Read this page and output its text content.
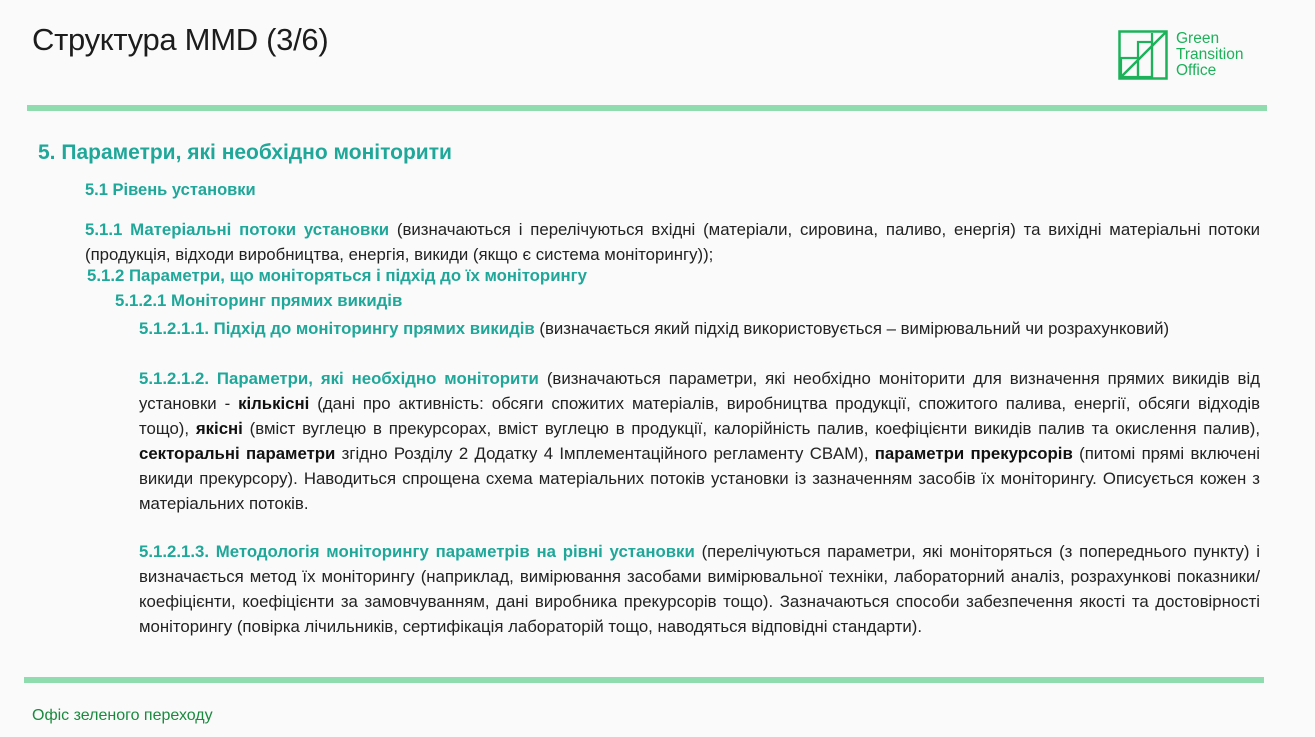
Структура MMD (3/6)	Green
Transition
Office
5. Параметри, які необхідно моніторити
5.1 Рівень установки
5.1.1 Матеріальні потоки установки (визначаються і перелічуються вхідні (матеріали, сировина, паливо, енергія) та вихідні матеріальні потоки (продукція, відходи виробництва, енергія, викиди (якщо є система моніторингу));
5.1.2 Параметри, що моніторяться і підхід до їх моніторингу
5.1.2.1 Моніторинг прямих викидів
5.1.2.1.1. Підхід до моніторингу прямих викидів (визначається який підхід використовується – вимірювальний чи розрахунковий)
5.1.2.1.2. Параметри, які необхідно моніторити (визначаються параметри, які необхідно моніторити для визначення прямих викидів від установки - кількісні (дані про активність: обсяги спожитих матеріалів, виробництва продукції, спожитого палива, енергії, обсяги відходів тощо), якісні (вміст вуглецю в прекурсорах, вміст вуглецю в продукції, калорійність палив, коефіцієнти викидів палив та окислення палив), секторальні параметри згідно Розділу 2 Додатку 4 Імплементаційного регламенту CBAM), параметри прекурсорів (питомі прямі включені викиди прекурсору). Наводиться спрощена схема матеріальних потоків установки із зазначенням засобів їх моніторингу. Описується кожен з матеріальних потоків.
5.1.2.1.3. Методологія моніторингу параметрів на рівні установки (перелічуються параметри, які моніторяться (з попереднього пункту) і визначається метод їх моніторингу (наприклад, вимірювання засобами вимірювальної техніки, лабораторний аналіз, розрахункові показники/коефіцієнти, коефіцієнти за замовчуванням, дані виробника прекурсорів тощо). Зазначаються способи забезпечення якості та достовірності моніторингу (повірка лічильників, сертифікація лабораторій тощо, наводяться відповідні стандарти).
Офіс зеленого переходу
